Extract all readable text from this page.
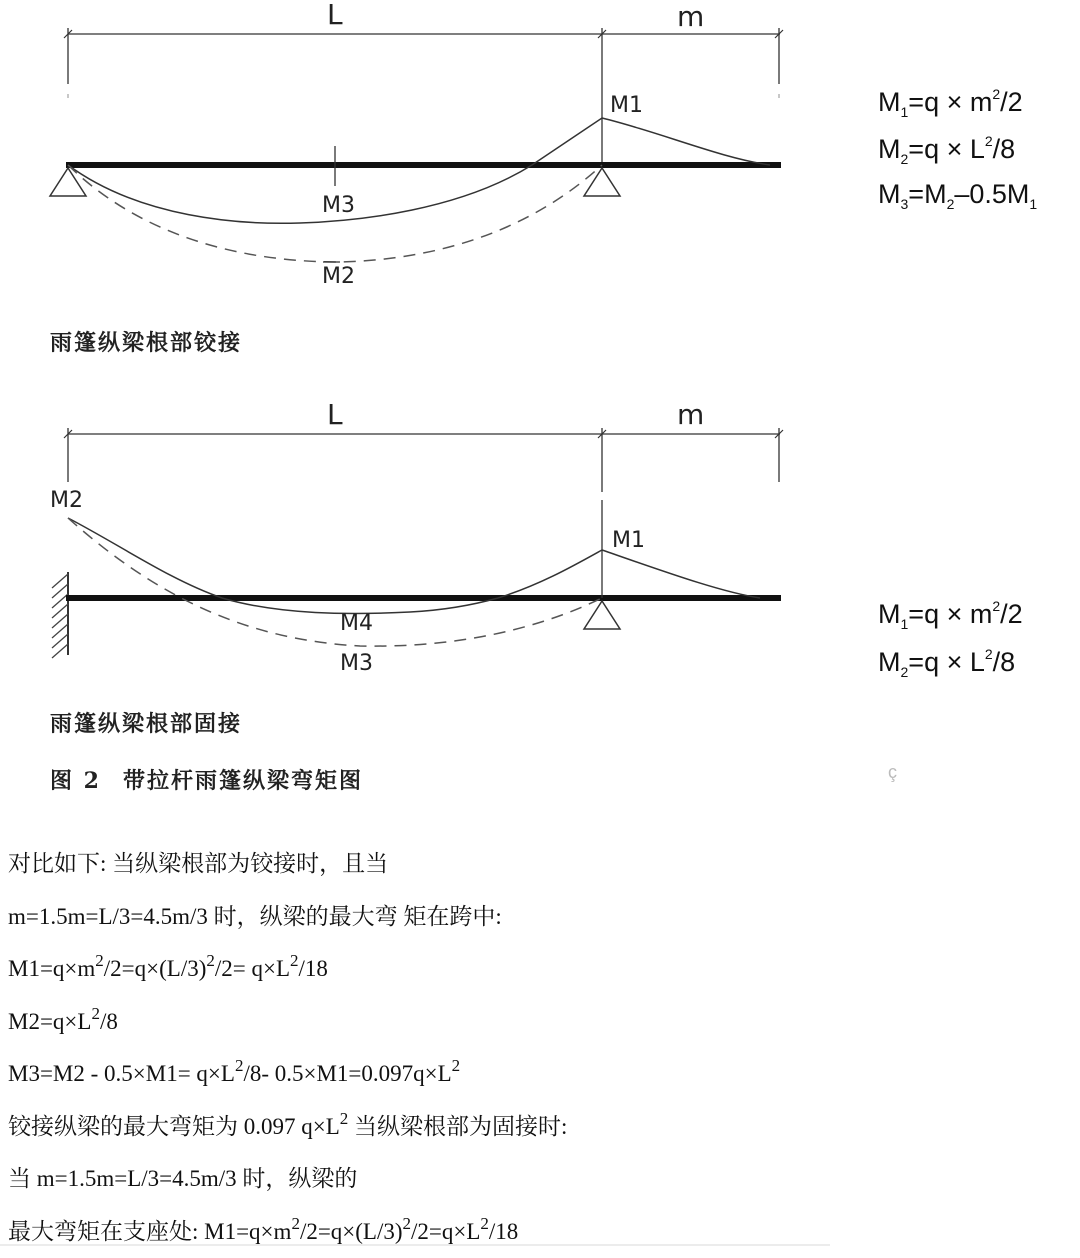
L	m
M1
M3
M2
L	m
M2
M1
M4
M3
$M_1=q \times m^2/2$
$M_2=q \times L^2/8$
$M_3=M_2-0.5M_1$
$M_1=q \times m^2/2$
$M_2=q \times L^2/8$
雨篷纵梁根部铰接
雨篷纵梁根部固接
图 2 带拉杆雨篷纵梁弯矩图	ç
对比如下: 当纵梁根部为铰接时，且当
m=1.5m=L/3=4.5m/3 时，纵梁的最大弯 矩在跨中:
$M1=q\times m^2/2=q\times(L/3)^2/2= q\times L^2/18$
$M2=q\times L^2/8$
$M3=M2 - 0.5\times M1= q\times L^2/8-$ $0.5\times M1=0.097q\times L^2$
铰接纵梁的最大弯矩为 0.097 $q\times L^2$ 当纵梁根部为固接时:
当 m=1.5m=L/3=4.5m/3 时，纵梁的
最大弯矩在支座处: $M1=q\times m^2/2=q\times(L/3)^2/2=q\times L^2/18$
